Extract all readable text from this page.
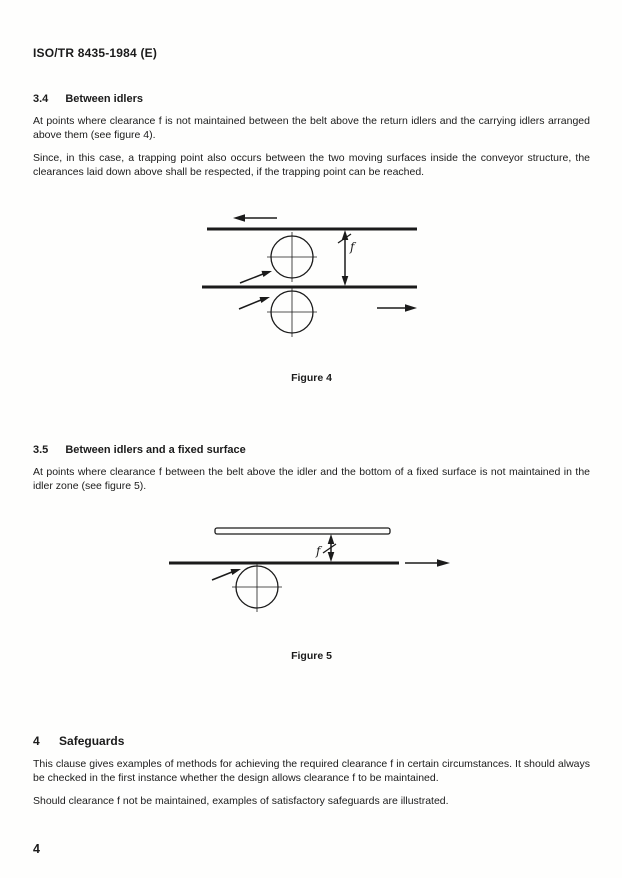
ISO/TR 8435-1984 (E)
3.4 Between idlers

At points where clearance f is not maintained between the belt above the return idlers and the carrying idlers arranged above them (see figure 4).

Since, in this case, a trapping point also occurs between the two moving surfaces inside the conveyor structure, the clearances laid down above shall be respected, if the trapping point can be reached.

f
Figure 4
3.5 Between idlers and a fixed surface

At points where clearance f between the belt above the idler and the bottom of a fixed surface is not maintained in the idler zone (see figure 5).

f
Figure 5
4 Safeguards

This clause gives examples of methods for achieving the required clearance f in certain circumstances. It should always be checked in the first instance whether the design allows clearance f to be maintained.

Should clearance f not be maintained, examples of satisfactory safeguards are illustrated.

4
